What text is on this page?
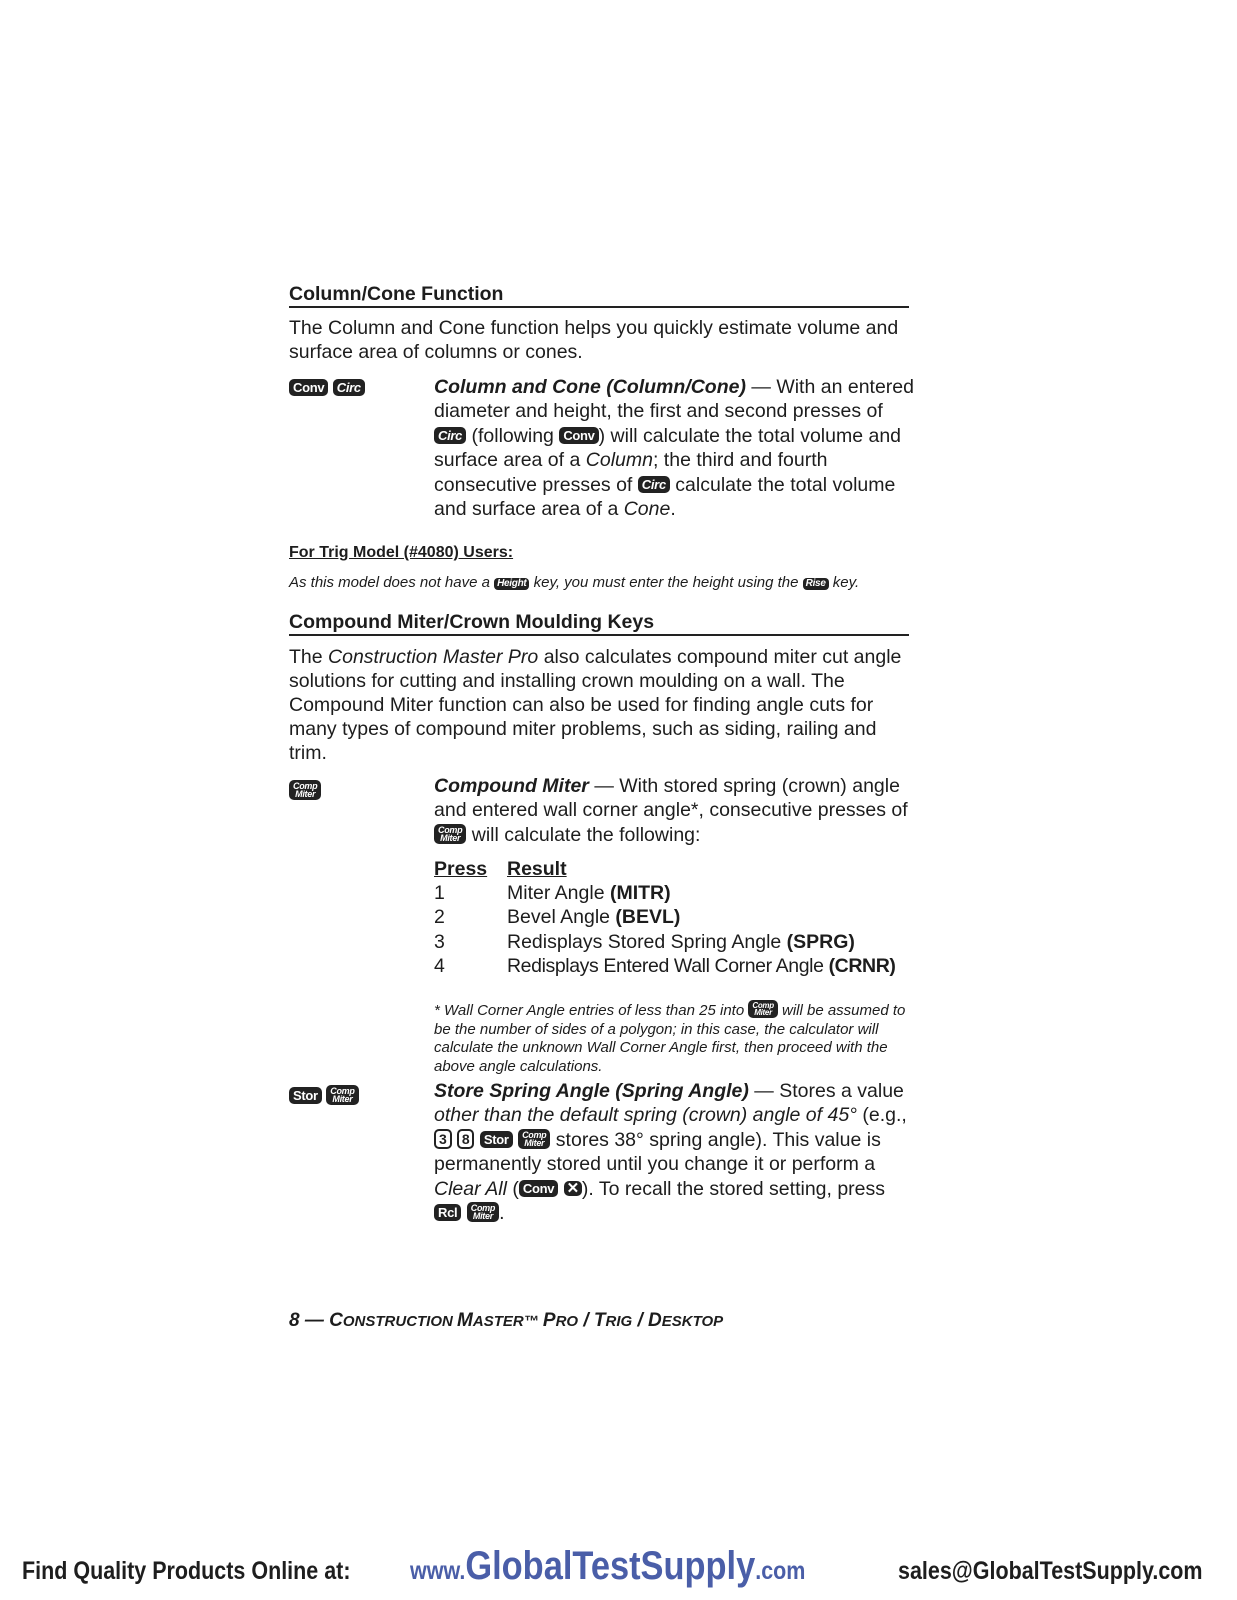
Column/Cone Function

The Column and Cone function helps you quickly estimate volume and surface area of columns or cones.

Conv Circ	Column and Cone (Column/Cone) — With an entered diameter and height, the first and second presses of Circ (following Conv ) will calculate the total volume and surface area of a Column; the third and fourth consecutive presses of Circ calculate the total volume and surface area of a Cone.

For Trig Model (#4080) Users:
As this model does not have a Height key, you must enter the height using the Rise key.
Compound Miter/Crown Moulding Keys

The Construction Master Pro also calculates compound miter cut angle solutions for cutting and installing crown moulding on a wall. The Compound Miter function can also be used for finding angle cuts for many types of compound miter problems, such as siding, railing and trim.

Comp
Miter	Compound Miter — With stored spring (crown) angle and entered wall corner angle*, consecutive presses of Comp
Miter will calculate the following:

Press	Result
1	Miter Angle (MITR)
2	Bevel Angle (BEVL)
3	Redisplays Stored Spring Angle (SPRG)
4	Redisplays Entered Wall Corner Angle (CRNR)

* Wall Corner Angle entries of less than 25 into Comp
Miter will be assumed to be the number of sides of a polygon; in this case, the calculator will calculate the unknown Wall Corner Angle first, then proceed with the above angle calculations.

Stor Comp
Miter	Store Spring Angle (Spring Angle) — Stores a value other than the default spring (crown) angle of 45° (e.g., 3 8 Stor Comp
Miter stores 38° spring angle). This value is permanently stored until you change it or perform a Clear All ( Conv ✕ ). To recall the stored setting, press Rcl Comp
Miter .

8 — CONSTRUCTION MASTER™ PRO / TRIG / DESKTOP
Find Quality Products Online at: www.GlobalTestSupply.com	sales@GlobalTestSupply.com
